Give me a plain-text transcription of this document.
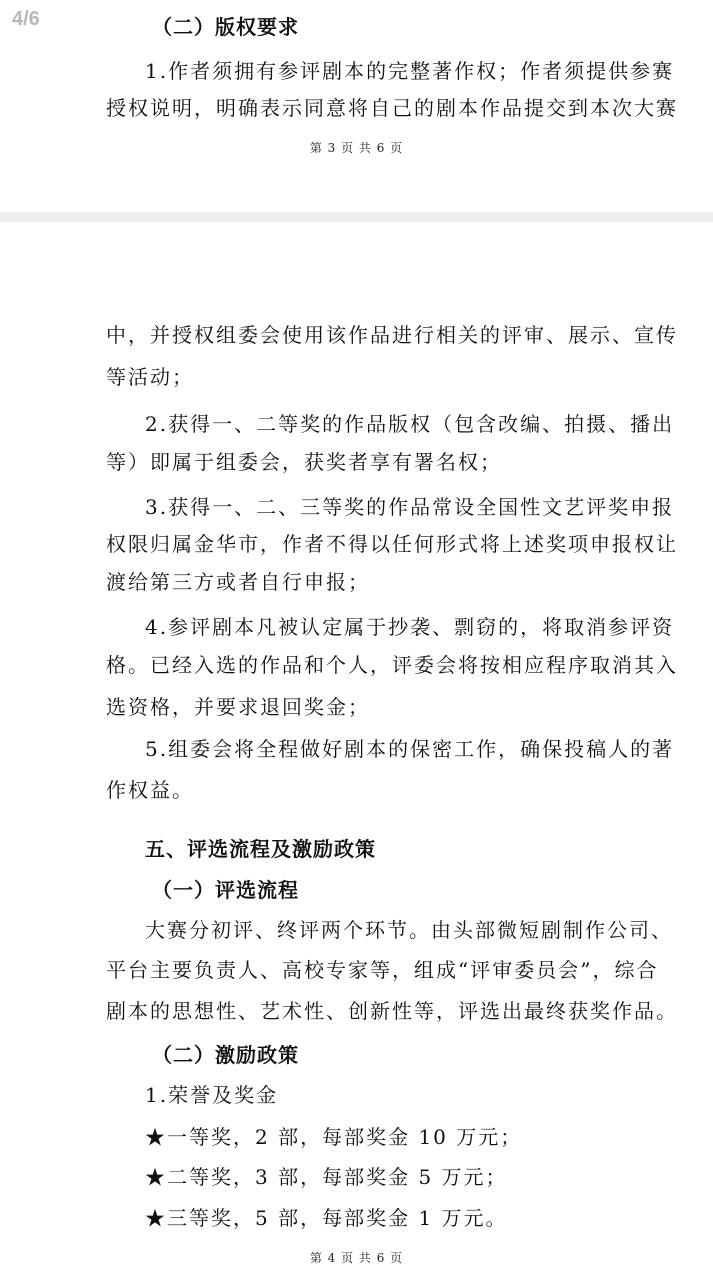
4/6	（二）版权要求
1.作者须拥有参评剧本的完整著作权；作者须提供参赛
授权说明，明确表示同意将自己的剧本作品提交到本次大赛
第 3 页 共 6 页
中，并授权组委会使用该作品进行相关的评审、展示、宣传
等活动；
2.获得一、二等奖的作品版权（包含改编、拍摄、播出
等）即属于组委会，获奖者享有署名权；
3.获得一、二、三等奖的作品常设全国性文艺评奖申报
权限归属金华市，作者不得以任何形式将上述奖项申报权让
渡给第三方或者自行申报；
4.参评剧本凡被认定属于抄袭、剽窃的，将取消参评资
格。已经入选的作品和个人，评委会将按相应程序取消其入
选资格，并要求退回奖金；
5.组委会将全程做好剧本的保密工作，确保投稿人的著
作权益。
五、评选流程及激励政策
（一）评选流程
大赛分初评、终评两个环节。由头部微短剧制作公司、
平台主要负责人、高校专家等，组成“评审委员会”，综合
剧本的思想性、艺术性、创新性等，评选出最终获奖作品。
（二）激励政策
1.荣誉及奖金
★一等奖，2 部，每部奖金 10 万元；
★二等奖，3 部，每部奖金 5 万元；
★三等奖，5 部，每部奖金 1 万元。
第 4 页 共 6 页
